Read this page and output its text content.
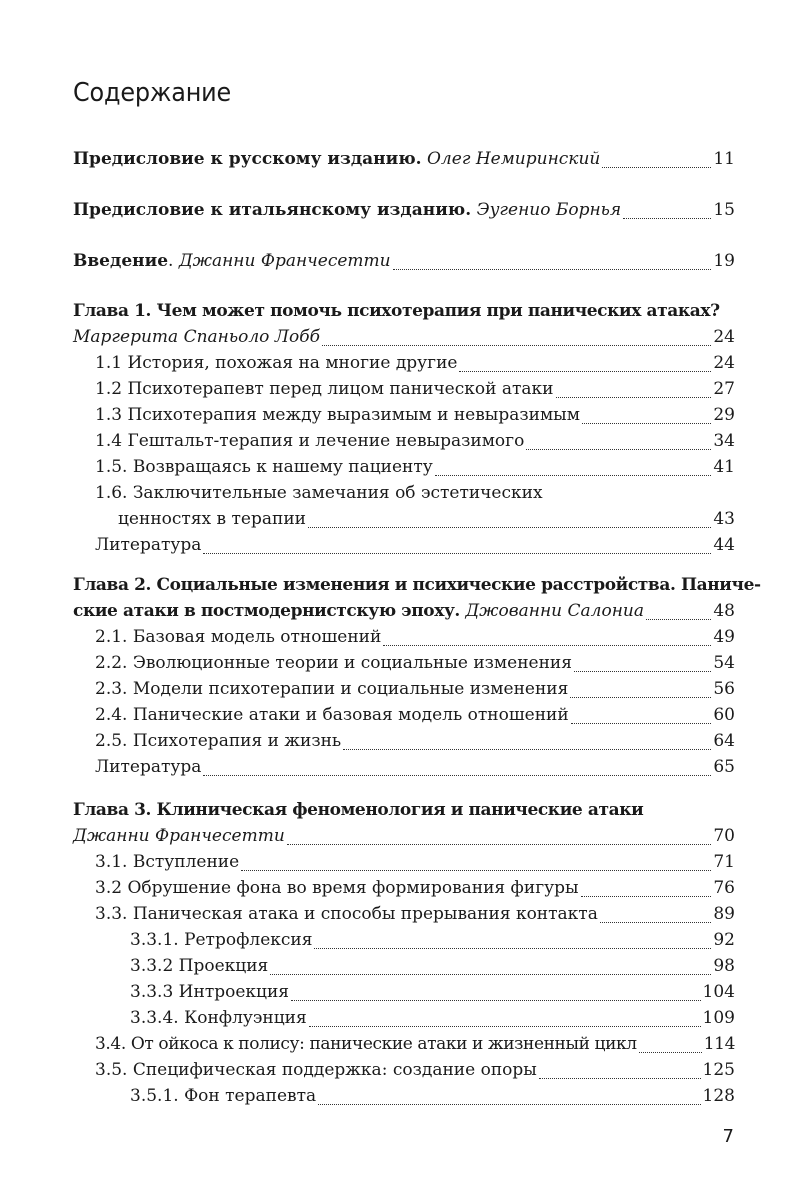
Содержание
Предисловие к русскому изданию. Олег Немиринский	11
Предисловие к итальянскому изданию. Эугенио Борнья	15
Введение. Джанни Франчесетти	19
Глава 1. Чем может помочь психотерапия при панических атаках?
Маргерита Спаньоло Лобб	24
1.1 История, похожая на многие другие	24
1.2 Психотерапевт перед лицом панической атаки	27
1.3 Психотерапия между выразимым и невыразимым	29
1.4 Гештальт-терапия и лечение невыразимого	34
1.5. Возвращаясь к нашему пациенту	41
1.6. Заключительные замечания об эстетических
ценностях в терапии	43
Литература	44
Глава 2. Социальные изменения и психические расстройства. Паниче-
ские атаки в постмодернистскую эпоху. Джованни Салониа	48
2.1. Базовая модель отношений	49
2.2. Эволюционные теории и социальные изменения	54
2.3. Модели психотерапии и социальные изменения	56
2.4. Панические атаки и базовая модель отношений	60
2.5. Психотерапия и жизнь	64
Литература	65
Глава 3. Клиническая феноменология и панические атаки
Джанни Франчесетти	70
3.1. Вступление	71
3.2 Обрушение фона во время формирования фигуры	76
3.3. Паническая атака и способы прерывания контакта	89
3.3.1. Ретрофлексия	92
3.3.2 Проекция	98
3.3.3 Интроекция	104
3.3.4. Конфлуэнция	109
3.4. От ойкоса к полису: панические атаки и жизненный цикл	114
3.5. Специфическая поддержка: создание опоры	125
3.5.1. Фон терапевта	128
7
